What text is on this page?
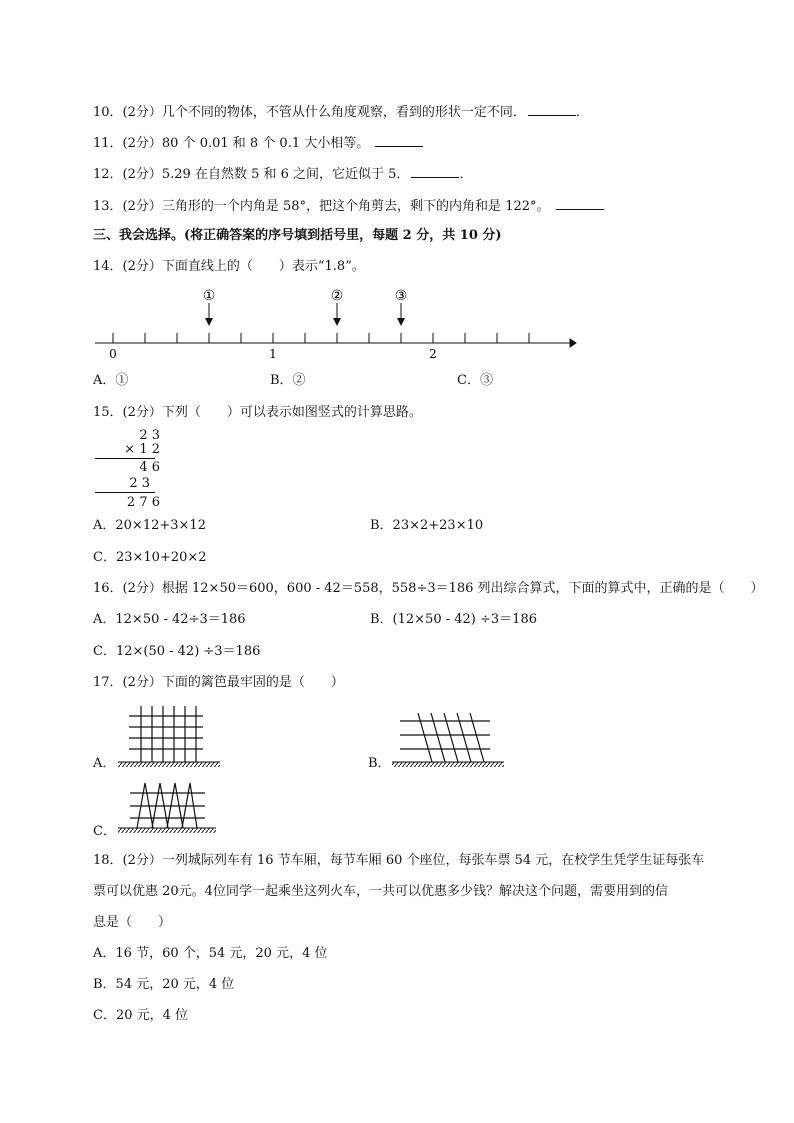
10．(2分）几个不同的物体，不管从什么角度观察，看到的形状一定不同．	．
11．(2分）80 个 0.01 和 8 个 0.1 大小相等。
12．(2分）5.29 在自然数 5 和 6 之间，它近似于 5．	．
13．(2分）三角形的一个内角是 58°，把这个角剪去，剩下的内角和是 122°。
三、我会选择。(将正确答案的序号填到括号里，每题 2 分，共 10 分)
14．(2分）下面直线上的（　　）表示“1.8”。
①	②	③
0	1	2
A．①	B．②	C．③
15．(2分）下列（　　）可以表示如图竖式的计算思路。
2 3
× 1 2
4 6
2 3
2 7 6
A．20×12+3×12	B．23×2+23×10
C．23×10+20×2
16．(2分）根据 12×50＝600，600 - 42＝558，558÷3＝186 列出综合算式，下面的算式中，正确的是（　　）
A．12×50 - 42÷3＝186	B．(12×50 - 42) ÷3＝186
C．12×(50 - 42) ÷3＝186
17．(2分）下面的篱笆最牢固的是（　　）
A．	B．
C．
18．(2分）一列城际列车有 16 节车厢，每节车厢 60 个座位，每张车票 54 元，在校学生凭学生证每张车
票可以优惠 20元。4位同学一起乘坐这列火车，一共可以优惠多少钱？解决这个问题，需要用到的信
息是（　　）
A．16 节，60 个，54 元，20 元，4 位
B．54 元，20 元，4 位
C．20 元，4 位
